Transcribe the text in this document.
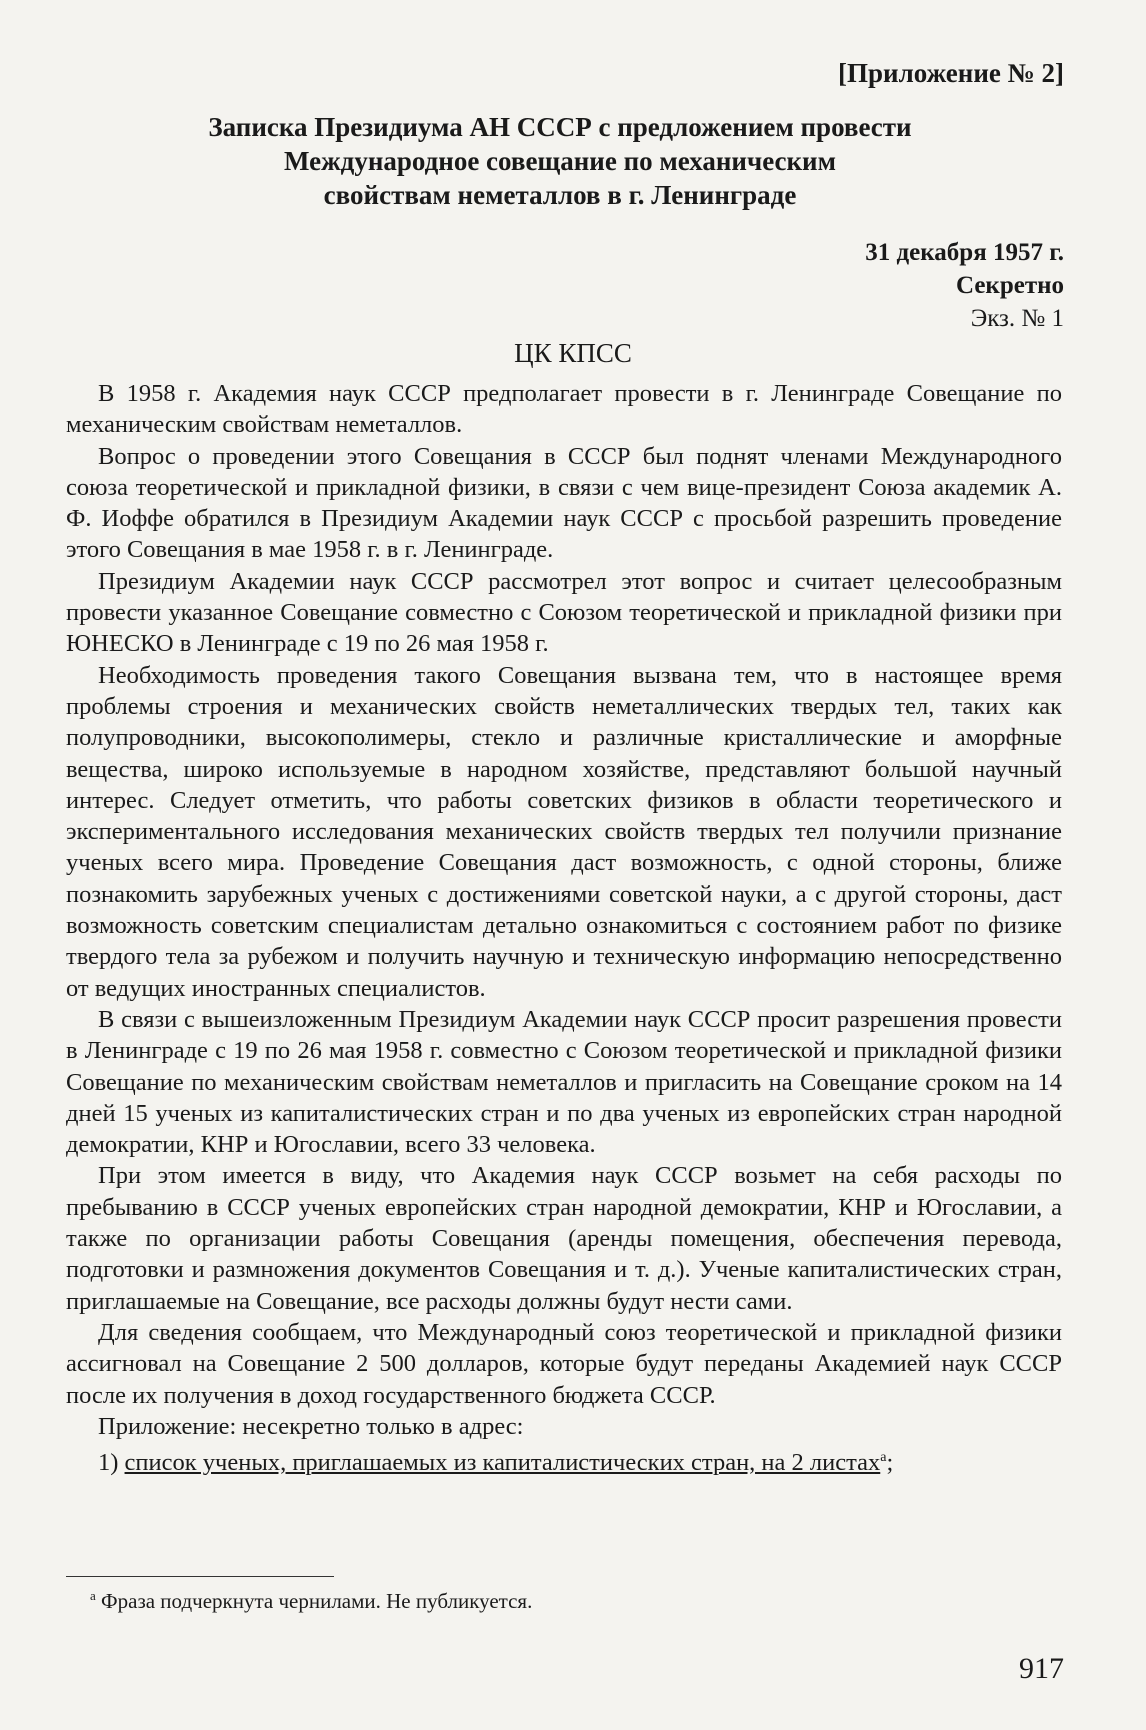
[Приложение № 2]
Записка Президиума АН СССР с предложением провести
Международное совещание по механическим
свойствам неметаллов в г. Ленинграде
31 декабря 1957 г.
Секретно
Экз. № 1
ЦК КПСС

В 1958 г. Академия наук СССР предполагает провести в г. Ленинграде Совещание по механическим свойствам неметаллов.

Вопрос о проведении этого Совещания в СССР был поднят членами Международного союза теоретической и прикладной физики, в связи с чем вице-президент Союза академик А. Ф. Иоффе обратился в Президиум Академии наук СССР с просьбой разрешить проведение этого Совещания в мае 1958 г. в г. Ленинграде.

Президиум Академии наук СССР рассмотрел этот вопрос и считает целесообразным провести указанное Совещание совместно с Союзом теоретической и прикладной физики при ЮНЕСКО в Ленинграде с 19 по 26 мая 1958 г.

Необходимость проведения такого Совещания вызвана тем, что в настоящее время проблемы строения и механических свойств неметаллических твердых тел, таких как полупроводники, высокополимеры, стекло и различные кристаллические и аморфные вещества, широко используемые в народном хозяйстве, представляют большой научный интерес. Следует отметить, что работы советских физиков в области теоретического и экспериментального исследования механических свойств твердых тел получили признание ученых всего мира. Проведение Совещания даст возможность, с одной стороны, ближе познакомить зарубежных ученых с достижениями советской науки, а с другой стороны, даст возможность советским специалистам детально ознакомиться с состоянием работ по физике твердого тела за рубежом и получить научную и техническую информацию непосредственно от ведущих иностранных специалистов.

В связи с вышеизложенным Президиум Академии наук СССР просит разрешения провести в Ленинграде с 19 по 26 мая 1958 г. совместно с Союзом теоретической и прикладной физики Совещание по механическим свойствам неметаллов и пригласить на Совещание сроком на 14 дней 15 ученых из капиталистических стран и по два ученых из европейских стран народной демократии, КНР и Югославии, всего 33 человека.

При этом имеется в виду, что Академия наук СССР возьмет на себя расходы по пребыванию в СССР ученых европейских стран народной демократии, КНР и Югославии, а также по организации работы Совещания (аренды помещения, обеспечения перевода, подготовки и размножения документов Совещания и т. д.). Ученые капиталистических стран, приглашаемые на Совещание, все расходы должны будут нести сами.

Для сведения сообщаем, что Международный союз теоретической и прикладной физики ассигновал на Совещание 2 500 долларов, которые будут переданы Академией наук СССР после их получения в доход государственного бюджета СССР.

Приложение: несекретно только в адрес:

1) список ученых, приглашаемых из капиталистических стран, на 2 листах$^а$;

$^а$ Фраза подчеркнута чернилами. Не публикуется.
917
